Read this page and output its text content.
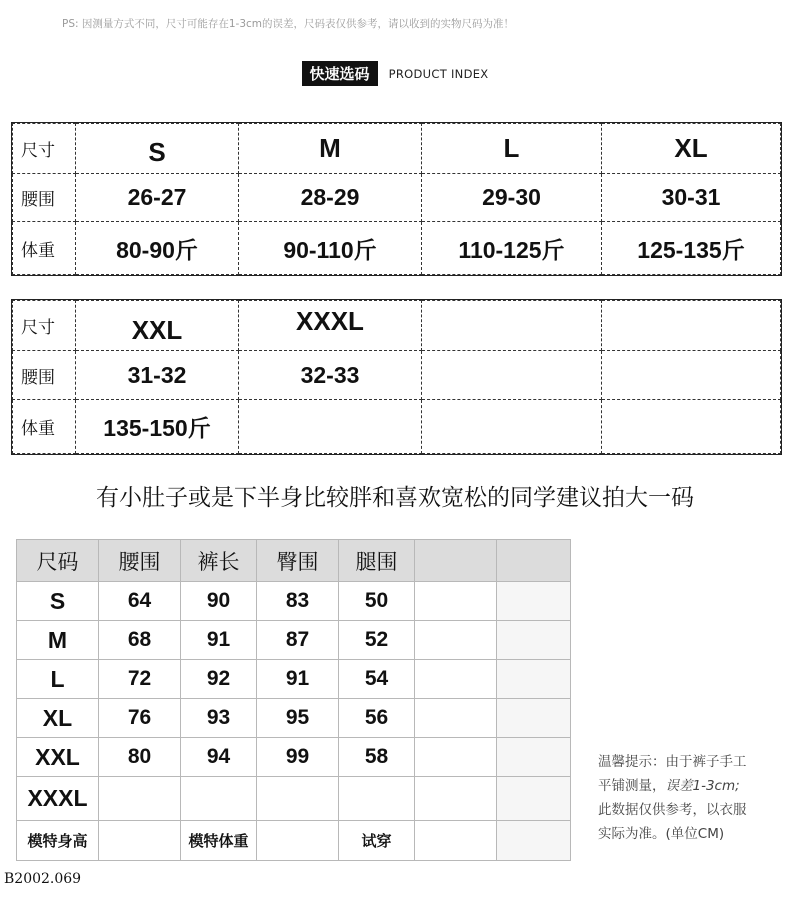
PS: 因测量方式不同，尺寸可能存在1-3cm的误差，尺码表仅供参考，请以收到的实物尺码为准！
快速选码 PRODUCT INDEX
尺寸	S	M	L	XL
腰围	26-27	28-29	29-30	30-31
体重	80-90斤	90-110斤	110-125斤	125-135斤
尺寸	XXL	XXXL		
腰围	31-32	32-33		
体重	135-150斤			
有小肚子或是下半身比较胖和喜欢宽松的同学建议拍大一码
尺码	腰围	裤长	臀围	腿围		
S	64	90	83	50		
M	68	91	87	52		
L	72	92	91	54		
XL	76	93	95	56		
XXL	80	94	99	58		
XXXL						
模特身高		模特体重		试穿		
温馨提示：由于裤子手工
平铺测量，误差1-3cm;
此数据仅供参考，以衣服
实际为准。(单位CM)
B2002.069
